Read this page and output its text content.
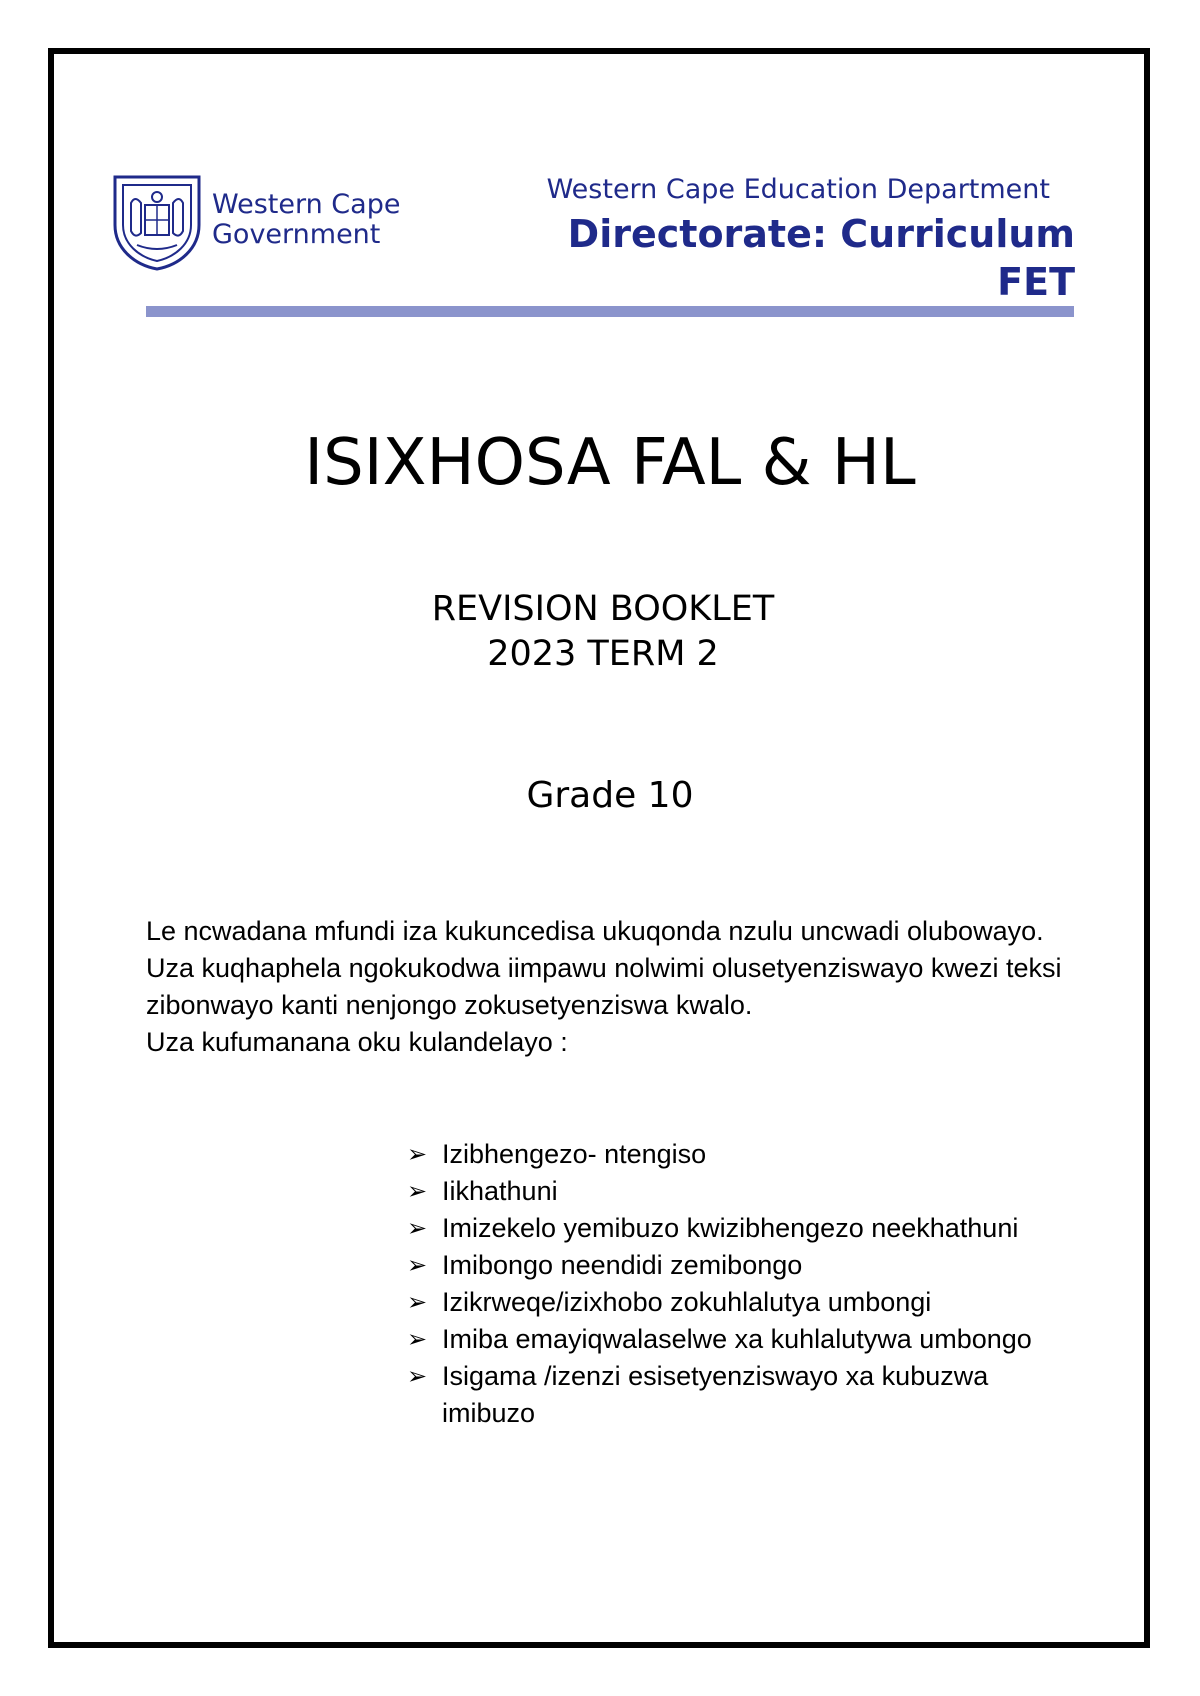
Western Cape
Government
Western Cape Education Department
Directorate: Curriculum
FET
ISIXHOSA FAL & HL
REVISION BOOKLET
2023 TERM 2
Grade 10

Le ncwadana mfundi iza kukuncedisa ukuqonda nzulu uncwadi olubowayo. Uza kuqhaphela ngokukodwa iimpawu nolwimi olusetyenziswayo kwezi teksi zibonwayo kanti nenjongo zokusetyenziswa kwalo.

Uza kufumanana oku kulandelayo :

➢ Izibhengezo- ntengiso
➢ Iikhathuni
➢ Imizekelo yemibuzo kwizibhengezo neekhathuni
➢ Imibongo neendidi zemibongo
➢ Izikrweqe/izixhobo zokuhlalutya umbongi
➢ Imiba emayiqwalaselwe xa kuhlalutywa umbongo
➢ Isigama /izenzi esisetyenziswayo xa kubuzwa imibuzo
